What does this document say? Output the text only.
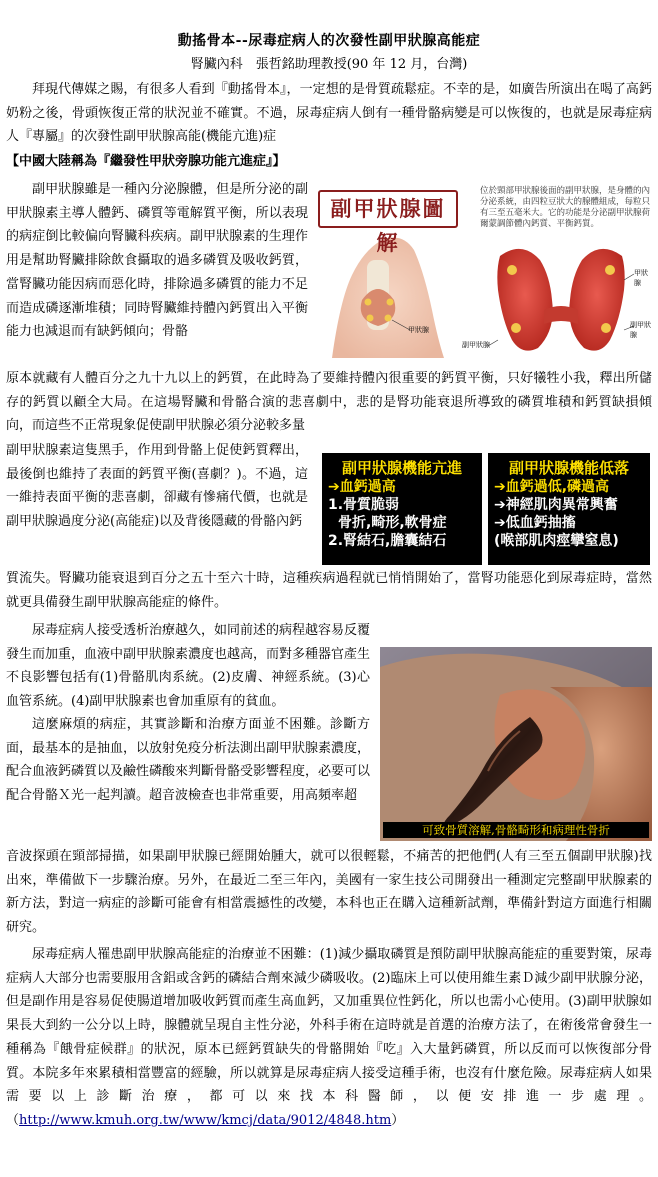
動搖骨本--尿毒症病人的次發性副甲狀腺高能症
腎臟內科　張哲銘助理教授(90 年 12 月，台灣)

拜現代傳媒之賜，有很多人看到『動搖骨本』，一定想的是骨質疏鬆症。不幸的是，如廣告所演出在喝了高鈣奶粉之後，骨頭恢復正常的狀況並不確實。不過，尿毒症病人倒有一種骨骼病變是可以恢復的，也就是尿毒症病人『專屬』的次發性副甲狀腺高能(機能亢進)症

【中國大陸稱為『繼發性甲狀旁腺功能亢進症』】

副甲狀腺雖是一種內分泌腺體，但是所分泌的副甲狀腺素主導人體鈣、磷質等電解質平衡，所以表現的病症倒比較偏向腎臟科疾病。副甲狀腺素的生理作用是幫助腎臟排除飲食攝取的過多磷質及吸收鈣質，當腎臟功能因病而惡化時，排除過多磷質的能力不足而造成磷逐漸堆積；同時腎臟維持體內鈣質出入平衡能力也減退而有缺鈣傾向；骨骼

副甲狀腺圖解
位於頸部甲狀腺後面的副甲狀腺，是身體的內分泌系統，由四粒豆狀大的腺體組成，每粒只有三至五毫米大。它的功能是分泌副甲狀腺荷爾蒙調節體內鈣質、平衡鈣質。
甲狀腺
甲狀腺
副甲狀腺
副甲狀腺

原本就藏有人體百分之九十九以上的鈣質，在此時為了要維持體內很重要的鈣質平衡，只好犧牲小我，釋出所儲存的鈣質以顧全大局。在這場腎臟和骨骼合演的悲喜劇中，悲的是腎功能衰退所導致的磷質堆積和鈣質缺損傾向，而這些不正常現象促使副甲狀腺必須分泌較多量

副甲狀腺素這隻黑手，作用到骨骼上促使鈣質釋出，最後倒也維持了表面的鈣質平衡(喜劇？)。不過，這一維持表面平衡的悲喜劇，卻藏有慘痛代價，也就是副甲狀腺過度分泌(高能症)以及背後隱藏的骨骼內鈣

副甲狀腺機能亢進
➔血鈣過高
1.骨質脆弱
骨折,畸形,軟骨症
2.腎結石,膽囊結石
副甲狀腺機能低落
➔血鈣過低,磷過高
➔神經肌肉異常興奮
➔低血鈣抽搐
(喉部肌肉痙攣窒息)

質流失。腎臟功能衰退到百分之五十至六十時，這種疾病過程就已悄悄開始了，當腎功能惡化到尿毒症時，當然就更具備發生副甲狀腺高能症的條件。

尿毒症病人接受透析治療越久，如同前述的病程越容易反覆發生而加重，血液中副甲狀腺素濃度也越高，而對多種器官產生不良影響包括有(1)骨骼肌肉系統。(2)皮膚、神經系統。(3)心血管系統。(4)副甲狀腺素也會加重原有的貧血。

這麼麻煩的病症，其實診斷和治療方面並不困難。診斷方面，最基本的是抽血，以放射免疫分析法測出副甲狀腺素濃度，配合血液鈣磷質以及鹼性磷酸來判斷骨骼受影響程度，必要可以配合骨骼Ｘ光一起判讀。超音波檢查也非常重要，用高頻率超

可致骨質溶解,骨骼畸形和病理性骨折

音波探頭在頸部掃描，如果副甲狀腺已經開始腫大，就可以很輕鬆，不痛苦的把他們(人有三至五個副甲狀腺)找出來，準備做下一步驟治療。另外，在最近二至三年內，美國有一家生技公司開發出一種測定完整副甲狀腺素的新方法，對這一病症的診斷可能會有相當震撼性的改變，本科也正在購入這種新試劑，準備針對這方面進行相關研究。

尿毒症病人罹患副甲狀腺高能症的治療並不困難：(1)減少攝取磷質是預防副甲狀腺高能症的重要對策，尿毒症病人大部分也需要服用含鋁或含鈣的磷結合劑來減少磷吸收。(2)臨床上可以使用維生素Ｄ減少副甲狀腺分泌，但是副作用是容易促使腸道增加吸收鈣質而產生高血鈣，又加重異位性鈣化，所以也需小心使用。(3)副甲狀腺如果長大到約一公分以上時，腺體就呈現自主性分泌，外科手術在這時就是首選的治療方法了，在術後常會發生一種稱為『餓骨症候群』的狀況，原本已經鈣質缺失的骨骼開始『吃』入大量鈣磷質，所以反而可以恢復部分骨質。本院多年來累積相當豐富的經驗，所以就算是尿毒症病人接受這種手術，也沒有什麼危險。尿毒症病人如果需要以上診斷治療，都可以來找本科醫師，以便安排進一步處理。（http://www.kmuh.org.tw/www/kmcj/data/9012/4848.htm）
